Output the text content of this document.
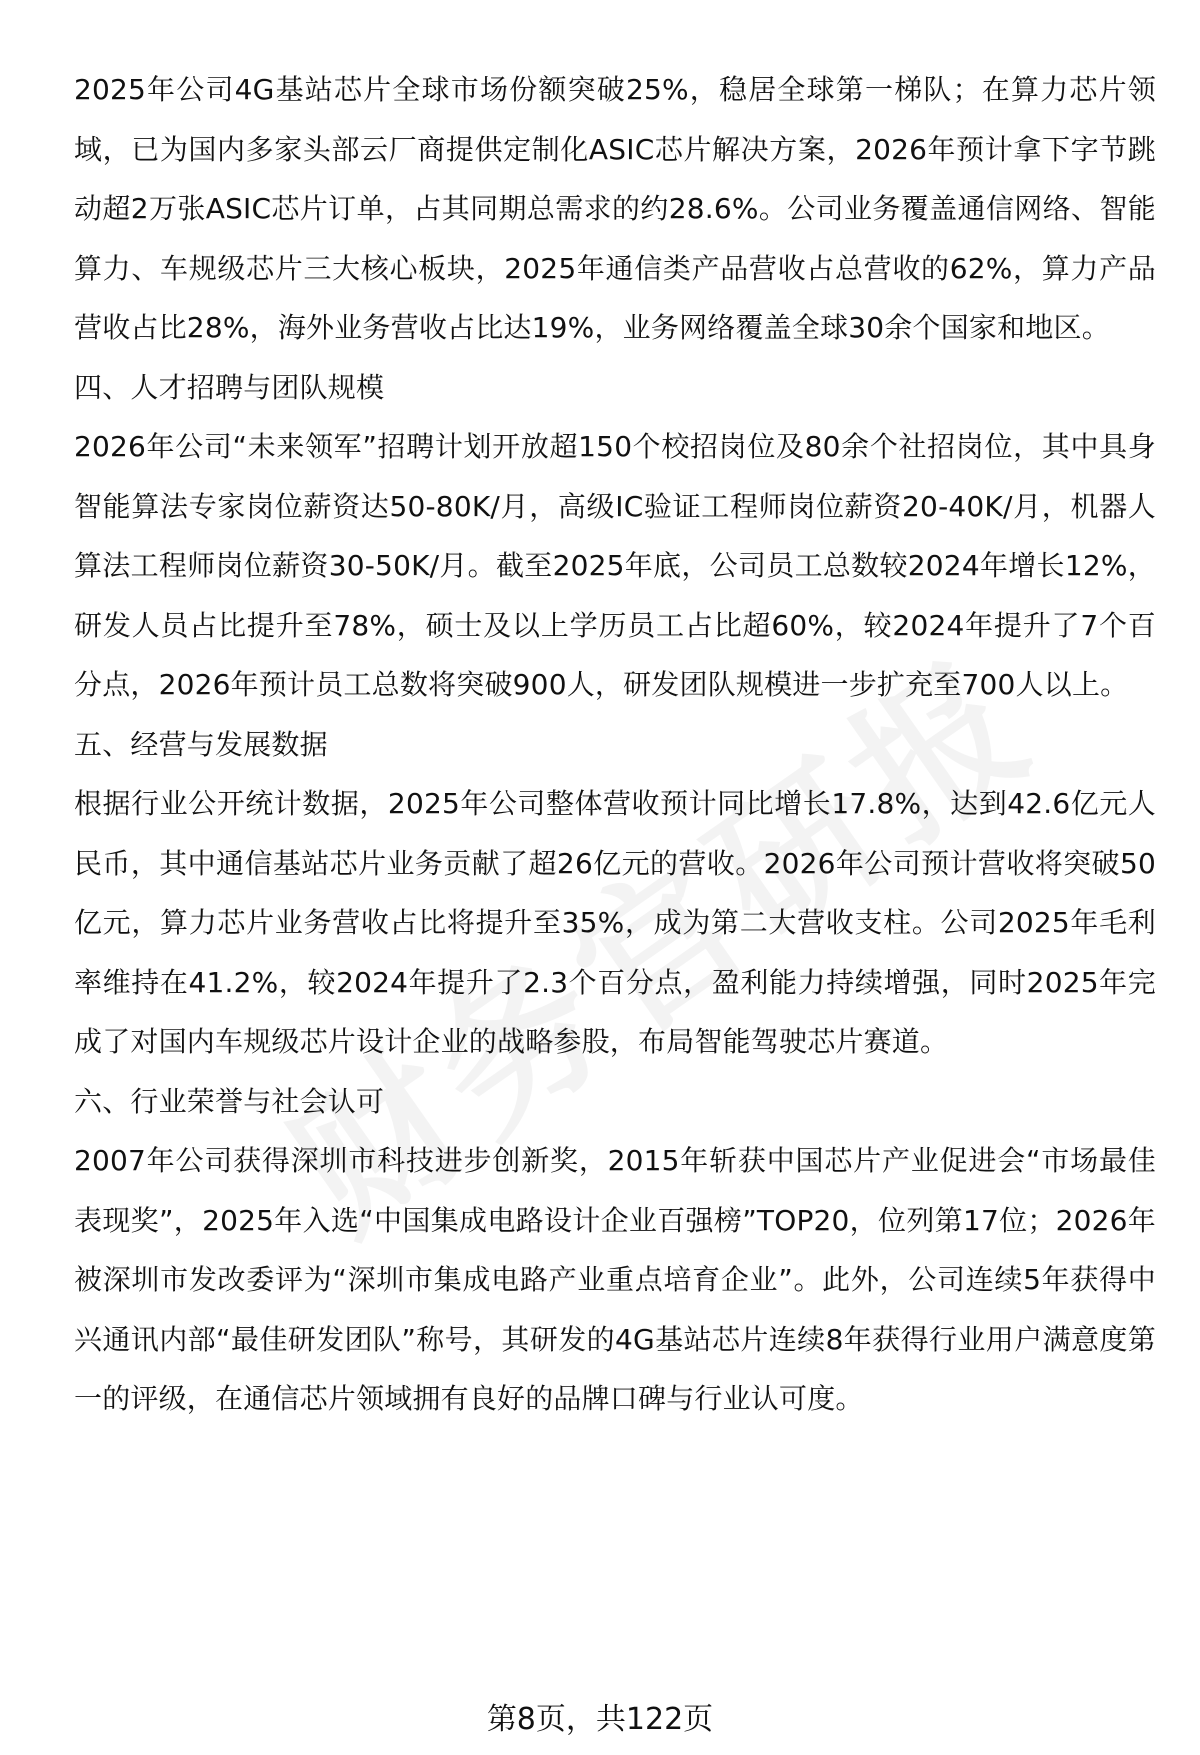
2025年公司4G基站芯片全球市场份额突破25%，稳居全球第一梯队；在算力芯片领域，已为国内多家头部云厂商提供定制化ASIC芯片解决方案，2026年预计拿下字节跳动超2万张ASIC芯片订单，占其同期总需求的约28.6%。公司业务覆盖通信网络、智能算力、车规级芯片三大核心板块，2025年通信类产品营收占总营收的62%，算力产品营收占比28%，海外业务营收占比达19%，业务网络覆盖全球30余个国家和地区。

四、人才招聘与团队规模

2026年公司“未来领军”招聘计划开放超150个校招岗位及80余个社招岗位，其中具身智能算法专家岗位薪资达50-80K/月，高级IC验证工程师岗位薪资20-40K/月，机器人算法工程师岗位薪资30-50K/月。截至2025年底，公司员工总数较2024年增长12%，研发人员占比提升至78%，硕士及以上学历员工占比超60%，较2024年提升了7个百分点，2026年预计员工总数将突破900人，研发团队规模进一步扩充至700人以上。

五、经营与发展数据

根据行业公开统计数据，2025年公司整体营收预计同比增长17.8%，达到42.6亿元人民币，其中通信基站芯片业务贡献了超26亿元的营收。2026年公司预计营收将突破50亿元，算力芯片业务营收占比将提升至35%，成为第二大营收支柱。公司2025年毛利率维持在41.2%，较2024年提升了2.3个百分点，盈利能力持续增强，同时2025年完成了对国内车规级芯片设计企业的战略参股，布局智能驾驶芯片赛道。

六、行业荣誉与社会认可

2007年公司获得深圳市科技进步创新奖，2015年斩获中国芯片产业促进会“市场最佳表现奖”，2025年入选“中国集成电路设计企业百强榜”TOP20，位列第17位；2026年被深圳市发改委评为“深圳市集成电路产业重点培育企业”。此外，公司连续5年获得中兴通讯内部“最佳研发团队”称号，其研发的4G基站芯片连续8年获得行业用户满意度第一的评级，在通信芯片领域拥有良好的品牌口碑与行业认可度。

第8页，共122页
